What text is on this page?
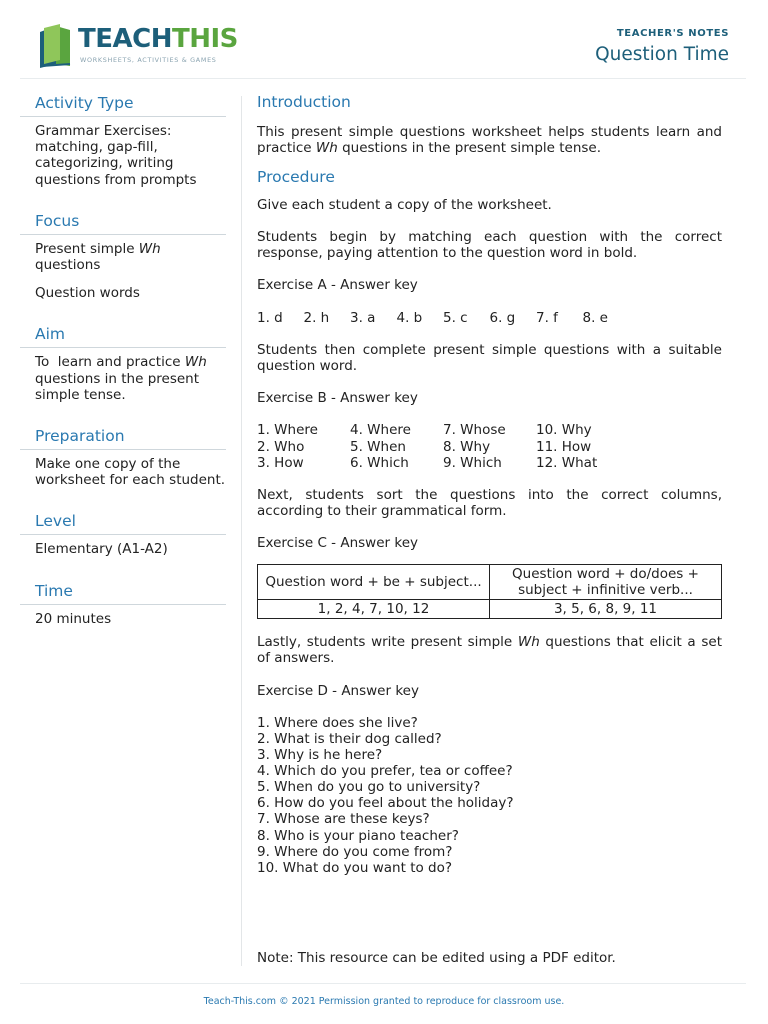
TEACHTHIS
WORKSHEETS, ACTIVITIES & GAMES
TEACHER'S NOTES
Question Time
Activity Type

Grammar Exercises: matching, gap-fill, categorizing, writing questions from prompts

Focus

Present simple Wh questions

Question words

Aim

To  learn and practice Wh questions in the present simple tense.

Preparation

Make one copy of the worksheet for each student.

Level

Elementary (A1-A2)

Time

20 minutes

Introduction

This present simple questions worksheet helps students learn and practice Wh questions in the present simple tense.

Procedure

Give each student a copy of the worksheet.

Students begin by matching each question with the correct response, paying attention to the question word in bold.

Exercise A - Answer key

1. d	2. h	3. a	4. b	5. c	6. g	7. f	8. e

Students then complete present simple questions with a suitable question word.

Exercise B - Answer key

1. Where	4. Where	7. Whose	10. Why
2. Who	5. When	8. Why	11. How
3. How	6. Which	9. Which	12. What

Next, students sort the questions into the correct columns, according to their grammatical form.

Exercise C - Answer key

Question word + be + subject...	Question word + do/does + subject + infinitive verb...
1, 2, 4, 7, 10, 12	3, 5, 6, 8, 9, 11

Lastly, students write present simple Wh questions that elicit a set of answers.

Exercise D - Answer key

1. Where does she live?

2. What is their dog called?

3. Why is he here?

4. Which do you prefer, tea or coffee?

5. When do you go to university?

6. How do you feel about the holiday?

7. Whose are these keys?

8. Who is your piano teacher?

9. Where do you come from?

10. What do you want to do?

Note: This resource can be edited using a PDF editor.

Teach-This.com © 2021 Permission granted to reproduce for classroom use.
